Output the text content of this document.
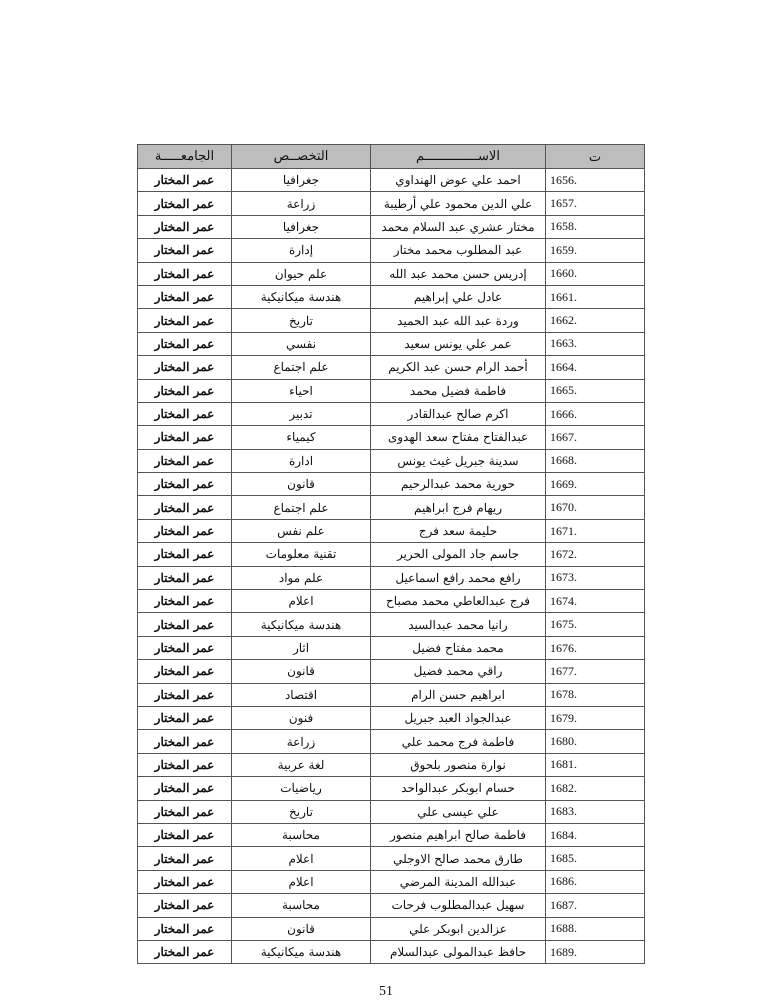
ت	الاســــــــــــــم	التخصــص	الجامعـــــة
1656.	احمد علي عوض الهنداوي	جغرافيا	عمر المختار
1657.	علي الدين محمود علي أرطيبة	زراعة	عمر المختار
1658.	مختار عشري عبد السلام محمد	جغرافيا	عمر المختار
1659.	عبد المطلوب محمد مختار	إدارة	عمر المختار
1660.	إدريس حسن محمد عبد الله	علم حيوان	عمر المختار
1661.	عادل علي إبراهيم	هندسة ميكانيكية	عمر المختار
1662.	وردة عبد الله عبد الحميد	تاريخ	عمر المختار
1663.	عمر علي يونس سعيد	نفسي	عمر المختار
1664.	أحمد الرام حسن عبد الكريم	علم اجتماع	عمر المختار
1665.	فاطمة فضيل محمد	احياء	عمر المختار
1666.	اكرم صالح عبدالقادر	تدبير	عمر المختار
1667.	عبدالفتاح مفتاح سعد الهدوى	كيمياء	عمر المختار
1668.	سدينة جبريل غيث يونس	ادارة	عمر المختار
1669.	حورية محمد عبدالرحيم	قانون	عمر المختار
1670.	ريهام فرج ابراهيم	علم اجتماع	عمر المختار
1671.	حليمة سعد فرج	علم نفس	عمر المختار
1672.	جاسم جاد المولى الحرير	تقنية معلومات	عمر المختار
1673.	رافع محمد رافع اسماعيل	علم مواد	عمر المختار
1674.	فرج عبدالعاطي محمد مصباح	اعلام	عمر المختار
1675.	رانيا محمد عبدالسيد	هندسة ميكانيكية	عمر المختار
1676.	محمد مفتاح فضيل	اثار	عمر المختار
1677.	راقي محمد فضيل	قانون	عمر المختار
1678.	ابراهيم حسن الرام	اقتصاد	عمر المختار
1679.	عبدالجواد العبد جبريل	فنون	عمر المختار
1680.	فاطمة فرج محمد علي	زراعة	عمر المختار
1681.	نوارة منصور بلحوق	لغة عربية	عمر المختار
1682.	حسام ابوبكر عبدالواحد	رياضيات	عمر المختار
1683.	علي عيسى علي	تاريخ	عمر المختار
1684.	فاطمة صالح ابراهيم منصور	محاسبة	عمر المختار
1685.	طارق محمد صالح الاوجلي	اعلام	عمر المختار
1686.	عبدالله المدينة المرضي	اعلام	عمر المختار
1687.	سهيل عبدالمطلوب فرحات	محاسبة	عمر المختار
1688.	عزالدين ابوبكر علي	قانون	عمر المختار
1689.	حافظ عبدالمولى عبدالسلام	هندسة ميكانيكية	عمر المختار
51
